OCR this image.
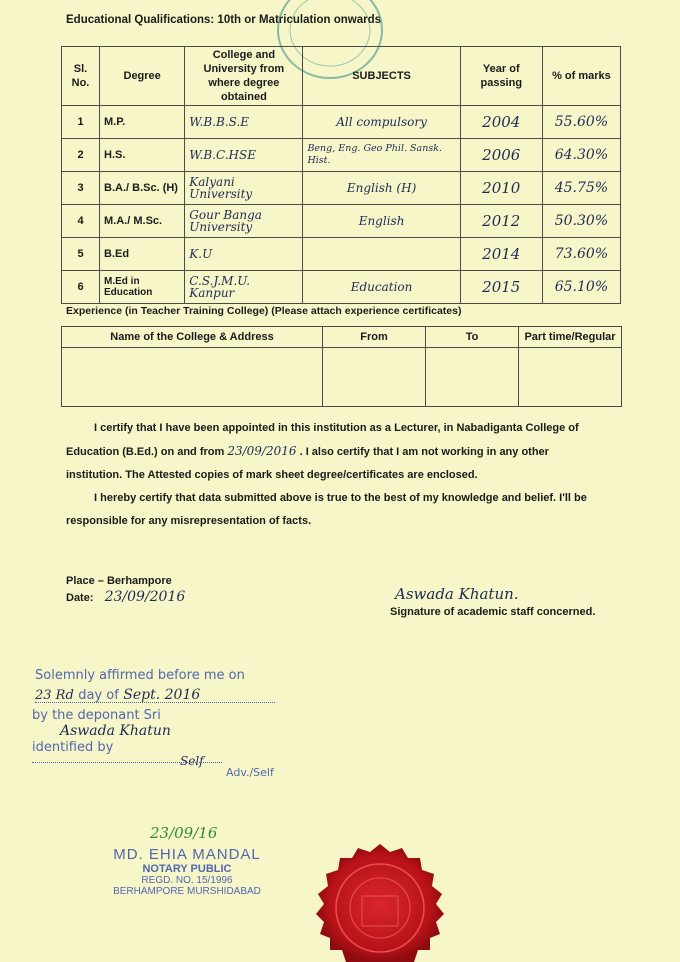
Educational Qualifications: 10th or Matriculation onwards
Sl. No.	Degree	College and University from where degree obtained	SUBJECTS	Year of passing	% of marks
1	M.P.	W.B.B.S.E	All compulsory	2004	55.60%
2	H.S.	W.B.C.HSE	Beng, Eng. Geo Phil. Sansk. Hist.	2006	64.30%
3	B.A./ B.Sc. (H)	Kalyani University	English (H)	2010	45.75%
4	M.A./ M.Sc.	Gour Banga University	English	2012	50.30%
5	B.Ed	K.U		2014	73.60%
6	M.Ed in Education	C.S.J.M.U. Kanpur	Education	2015	65.10%
Experience (in Teacher Training College) (Please attach experience certificates)
Name of the College & Address	From	To	Part time/Regular

I certify that I have been appointed in this institution as a Lecturer, in Nabadiganta College of
Education (B.Ed.) on and from 23/09/2016 . I also certify that I am not working in any other
institution. The Attested copies of mark sheet degree/certificates are enclosed.
I hereby certify that data submitted above is true to the best of my knowledge and belief. I'll be
responsible for any misrepresentation of facts.
Place – Berhampore
Date: 23/09/2016	Aswada Khatun.
Signature of academic staff concerned.
Solemnly affirmed before me on
23 Rd day of Sept. 2016
by the deponant Sri
Aswada Khatun
identified by
Self
Adv./Self
23/09/16
MD. EHIA MANDAL
NOTARY PUBLIC
REGD. NO. 15/1996
BERHAMPORE MURSHIDABAD
